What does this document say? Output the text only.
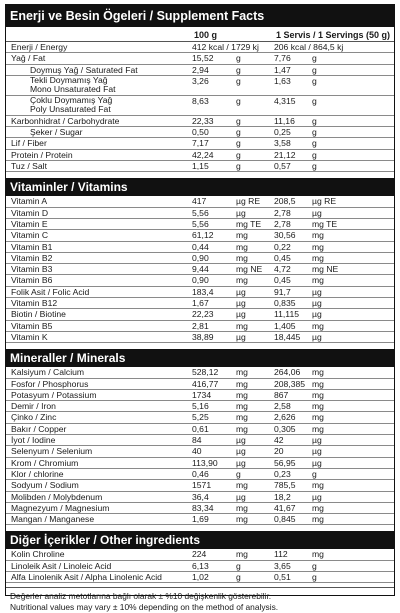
Enerji ve Besin Ögeleri / Supplement Facts
100 g	1 Servis / 1 Servings (50 g)
Enerji / Energy	412 kcal / 1729 kj 206 kcal / 864,5 kj
Yağ / Fat	15,52	g	7,76 g
Doymuş Yağ / Saturated Fat	2,94	g	1,47 g
Tekli Doymamış Yağ
Mono Unsaturated Fat
3,26	g	1,63 g
Çoklu Doymamış Yağ
Poly Unsaturated Fat
8,63	g	4,315 g
Karbonhidrat / Carbohydrate	22,33	g	11,16 g
Şeker / Sugar	0,50	g	0,25 g
Lif / Fiber	7,17	g	3,58 g
Protein / Protein	42,24	g	21,12 g
Tuz / Salt	1,15	g	0,57 g
Vitaminler / Vitamins
Vitamin A	417	µg RE 208,5 µg RE
Vitamin D	5,56	µg	2,78 µg
Vitamin E	5,56	mg TE 2,78 mg TE
Vitamin C	61,12	mg	30,56 mg
Vitamin B1	0,44	mg	0,22 mg
Vitamin B2	0,90	mg	0,45 mg
Vitamin B3	9,44	mg NE 4,72 mg NE
Vitamin B6	0,90	mg	0,45 mg
Folik Asit / Folic Acid	183,4	µg	91,7 µg
Vitamin B12	1,67	µg	0,835 µg
Biotin / Biotine	22,23	µg	11,115 µg
Vitamin B5	2,81	mg	1,405 mg
Vitamin K	38,89	µg	18,445 µg
Mineraller / Minerals
Kalsiyum / Calcium	528,12 mg	264,06 mg
Fosfor / Phosphorus	416,77 mg	208,385 mg
Potasyum / Potassium	1734	mg	867	mg
Demir / Iron	5,16	mg	2,58 mg
Çinko / Zinc	5,25	mg	2,626 mg
Bakır / Copper	0,61	mg	0,305 mg
İyot / Iodine	84	µg	42	µg
Selenyum / Selenium	40	µg	20	µg
Krom / Chromium	113,90 µg	56,95 µg
Klor / chlorine	0,46	g	0,23 g
Sodyum / Sodium	1571	mg	785,5 mg
Molibden / Molybdenum	36,4	µg	18,2 µg
Magnezyum / Magnesium	83,34	mg	41,67 mg
Mangan / Manganese	1,69	mg	0,845 mg
Diğer İçerikler / Other ingredients
Kolin Chroline	224	mg	112	mg
Linoleik Asit / Linoleic Acid	6,13	g	3,65 g
Alfa Linolenik Asit / Alpha Linolenic Acid	1,02	g	0,51 g
Değerler analiz metotlarına bağlı olarak ± %10 değişkenlik gösterebilir.
Nutritional values may vary ± 10% depending on the method of analysis.
